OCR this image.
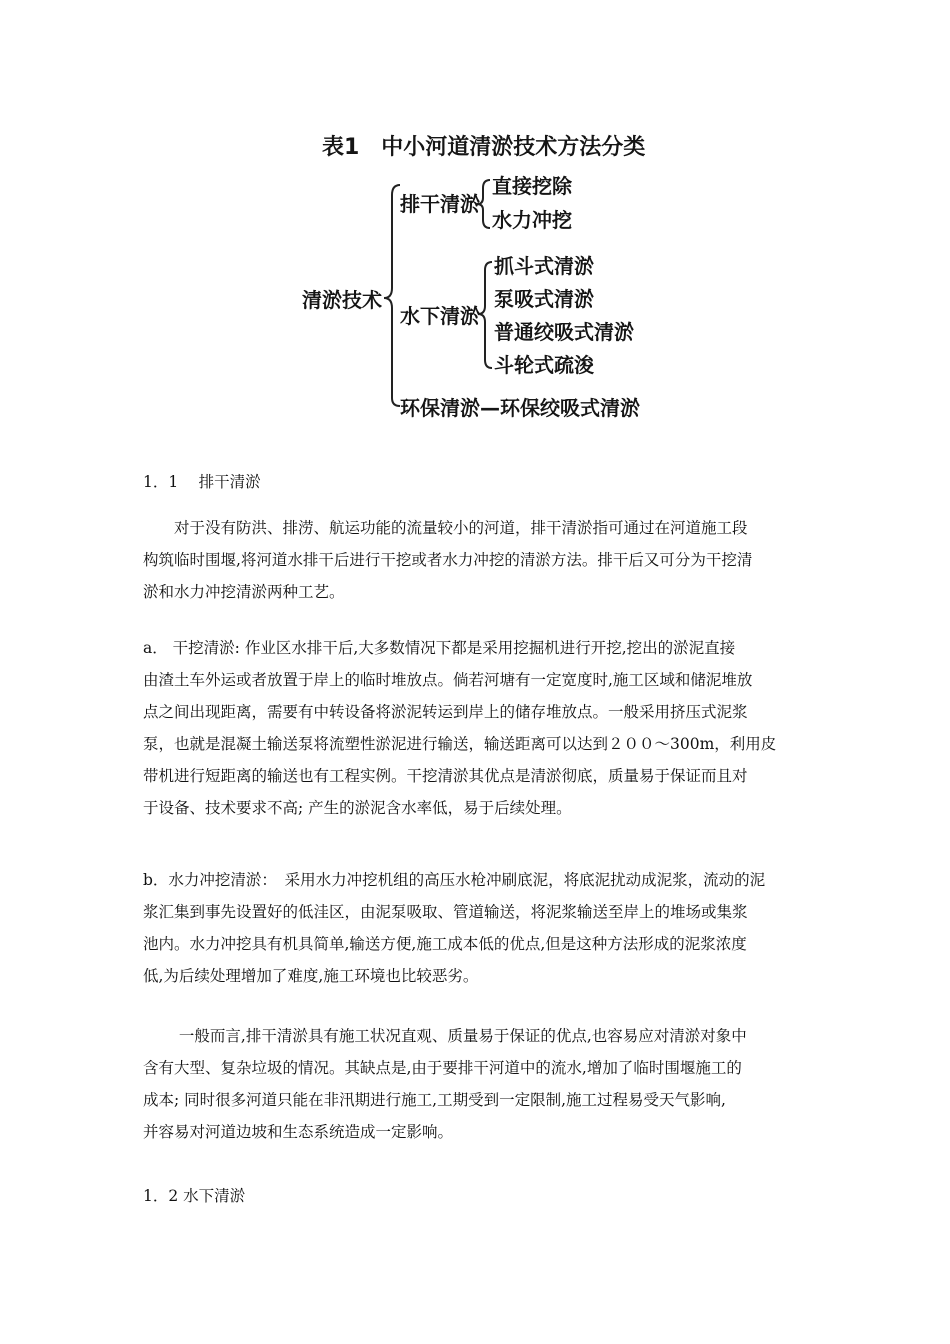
表1　中小河道清淤技术方法分类
清淤技术
排干清淤
直接挖除
水力冲挖
水下清淤
抓斗式清淤
泵吸式清淤
普通绞吸式清淤
斗轮式疏浚
环保清淤—环保绞吸式清淤
1．1　 排干清淤
　　对于没有防洪、排涝、航运功能的流量较小的河道，排干清淤指可通过在河道施工段
构筑临时围堰,将河道水排干后进行干挖或者水力冲挖的清淤方法。排干后又可分为干挖清
淤和水力冲挖清淤两种工艺。
a． 干挖清淤: 作业区水排干后,大多数情况下都是采用挖掘机进行开挖,挖出的淤泥直接
由渣土车外运或者放置于岸上的临时堆放点。倘若河塘有一定宽度时,施工区域和储泥堆放
点之间出现距离，需要有中转设备将淤泥转运到岸上的储存堆放点。一般采用挤压式泥浆
泵，也就是混凝土输送泵将流塑性淤泥进行输送，输送距离可以达到２００～300m，利用皮
带机进行短距离的输送也有工程实例。干挖清淤其优点是清淤彻底，质量易于保证而且对
于设备、技术要求不高; 产生的淤泥含水率低，易于后续处理。
b．水力冲挖清淤：　采用水力冲挖机组的高压水枪冲刷底泥，将底泥扰动成泥浆，流动的泥
浆汇集到事先设置好的低洼区，由泥泵吸取、管道输送，将泥浆输送至岸上的堆场或集浆
池内。水力冲挖具有机具简单,输送方便,施工成本低的优点,但是这种方法形成的泥浆浓度
低,为后续处理增加了难度,施工环境也比较恶劣。
　　 一般而言,排干清淤具有施工状况直观、质量易于保证的优点,也容易应对清淤对象中
含有大型、复杂垃圾的情况。其缺点是,由于要排干河道中的流水,增加了临时围堰施工的
成本; 同时很多河道只能在非汛期进行施工,工期受到一定限制,施工过程易受天气影响,
并容易对河道边坡和生态系统造成一定影响。
1．2 水下清淤
